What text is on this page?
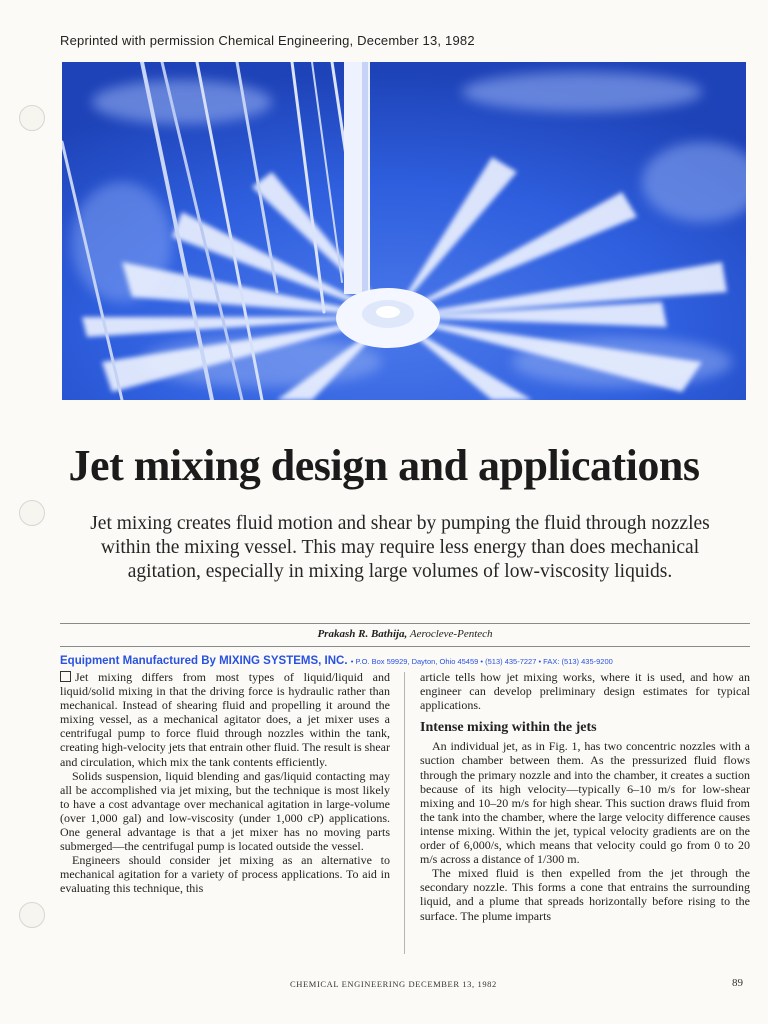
Reprinted with permission Chemical Engineering, December 13, 1982
Jet mixing design and applications

Jet mixing creates fluid motion and shear by pumping the fluid through nozzles within the mixing vessel. This may require less energy than does mechanical agitation, especially in mixing large volumes of low-viscosity liquids.

Prakash R. Bathija, Aerocleve-Pentech
Equipment Manufactured By MIXING SYSTEMS, INC. • P.O. Box 59929, Dayton, Ohio 45459 • (513) 435-7227 • FAX: (513) 435-9200

Jet mixing differs from most types of liquid/liquid and liquid/solid mixing in that the driving force is hydraulic rather than mechanical. Instead of shearing fluid and propelling it around the mixing vessel, as a mechanical agitator does, a jet mixer uses a centrifugal pump to force fluid through nozzles within the tank, creating high-velocity jets that entrain other fluid. The result is shear and circulation, which mix the tank contents efficiently.

Solids suspension, liquid blending and gas/liquid contacting may all be accomplished via jet mixing, but the technique is most likely to have a cost advantage over mechanical agitation in large-volume (over 1,000 gal) and low-viscosity (under 1,000 cP) applications. One general advantage is that a jet mixer has no moving parts submerged—the centrifugal pump is located outside the vessel.

Engineers should consider jet mixing as an alternative to mechanical agitation for a variety of process applications. To aid in evaluating this technique, this

article tells how jet mixing works, where it is used, and how an engineer can develop preliminary design estimates for typical applications.

Intense mixing within the jets

An individual jet, as in Fig. 1, has two concentric nozzles with a suction chamber between them. As the pressurized fluid flows through the primary nozzle and into the chamber, it creates a suction because of its high velocity—typically 6–10 m/s for low-shear mixing and 10–20 m/s for high shear. This suction draws fluid from the tank into the chamber, where the large velocity difference causes intense mixing. Within the jet, typical velocity gradients are on the order of 6,000/s, which means that velocity could go from 0 to 20 m/s across a distance of 1/300 m.

The mixed fluid is then expelled from the jet through the secondary nozzle. This forms a cone that entrains the surrounding liquid, and a plume that spreads horizontally before rising to the surface. The plume imparts

CHEMICAL ENGINEERING DECEMBER 13, 1982	89
